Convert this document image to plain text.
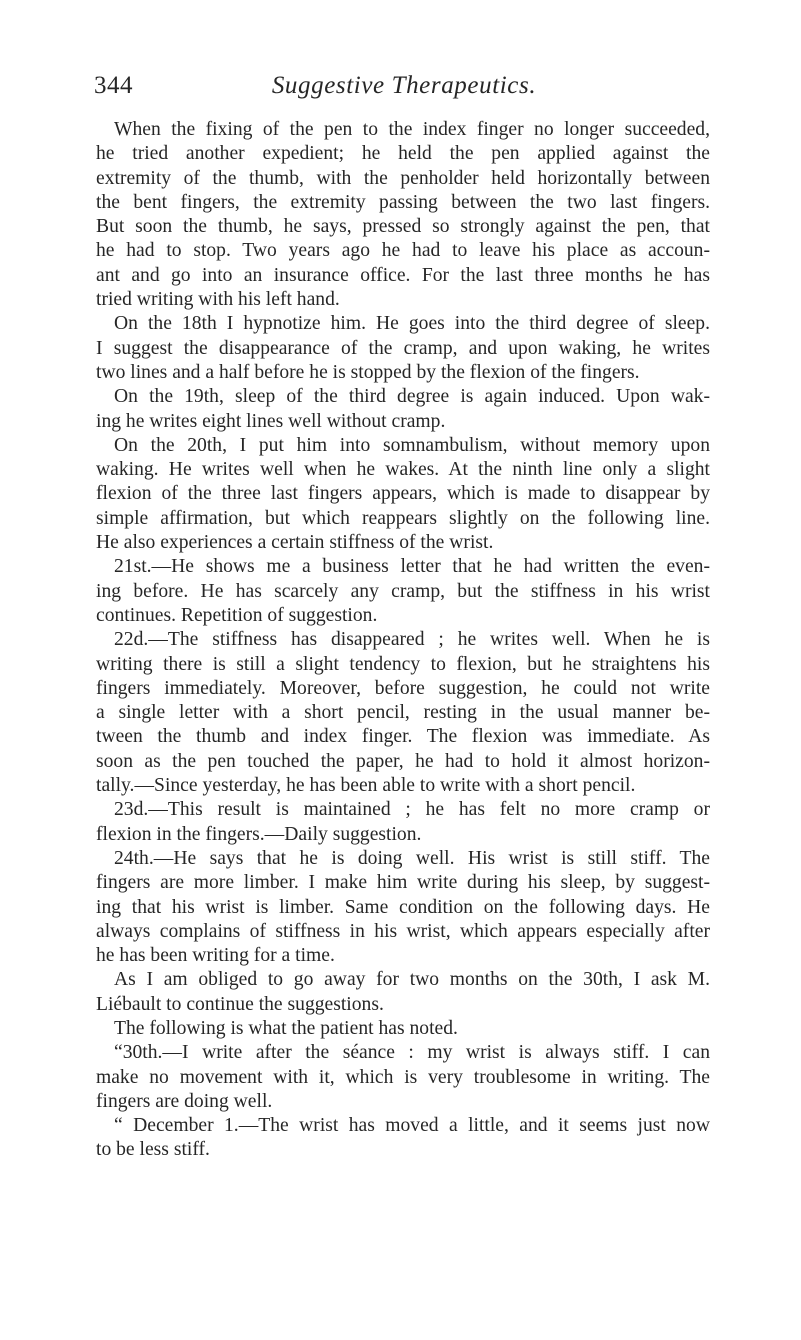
344	Suggestive Therapeutics.
When the fixing of the pen to the index finger no longer succeeded,
he tried another expedient; he held the pen applied against the
extremity of the thumb, with the penholder held horizontally between
the bent fingers, the extremity passing between the two last fingers.
But soon the thumb, he says, pressed so strongly against the pen, that
he had to stop. Two years ago he had to leave his place as accoun-
ant and go into an insurance office. For the last three months he has
tried writing with his left hand.
On the 18th I hypnotize him. He goes into the third degree of sleep.
I suggest the disappearance of the cramp, and upon waking, he writes
two lines and a half before he is stopped by the flexion of the fingers.
On the 19th, sleep of the third degree is again induced. Upon wak-
ing he writes eight lines well without cramp.
On the 20th, I put him into somnambulism, without memory upon
waking. He writes well when he wakes. At the ninth line only a slight
flexion of the three last fingers appears, which is made to disappear by
simple affirmation, but which reappears slightly on the following line.
He also experiences a certain stiffness of the wrist.
21st.—He shows me a business letter that he had written the even-
ing before. He has scarcely any cramp, but the stiffness in his wrist
continues. Repetition of suggestion.
22d.—The stiffness has disappeared ; he writes well. When he is
writing there is still a slight tendency to flexion, but he straightens his
fingers immediately. Moreover, before suggestion, he could not write
a single letter with a short pencil, resting in the usual manner be-
tween the thumb and index finger. The flexion was immediate. As
soon as the pen touched the paper, he had to hold it almost horizon-
tally.—Since yesterday, he has been able to write with a short pencil.
23d.—This result is maintained ; he has felt no more cramp or
flexion in the fingers.—Daily suggestion.
24th.—He says that he is doing well. His wrist is still stiff. The
fingers are more limber. I make him write during his sleep, by suggest-
ing that his wrist is limber. Same condition on the following days. He
always complains of stiffness in his wrist, which appears especially after
he has been writing for a time.
As I am obliged to go away for two months on the 30th, I ask M.
Liébault to continue the suggestions.
The following is what the patient has noted.
“30th.—I write after the séance : my wrist is always stiff. I can
make no movement with it, which is very troublesome in writing. The
fingers are doing well.
“ December 1.—The wrist has moved a little, and it seems just now
to be less stiff.
